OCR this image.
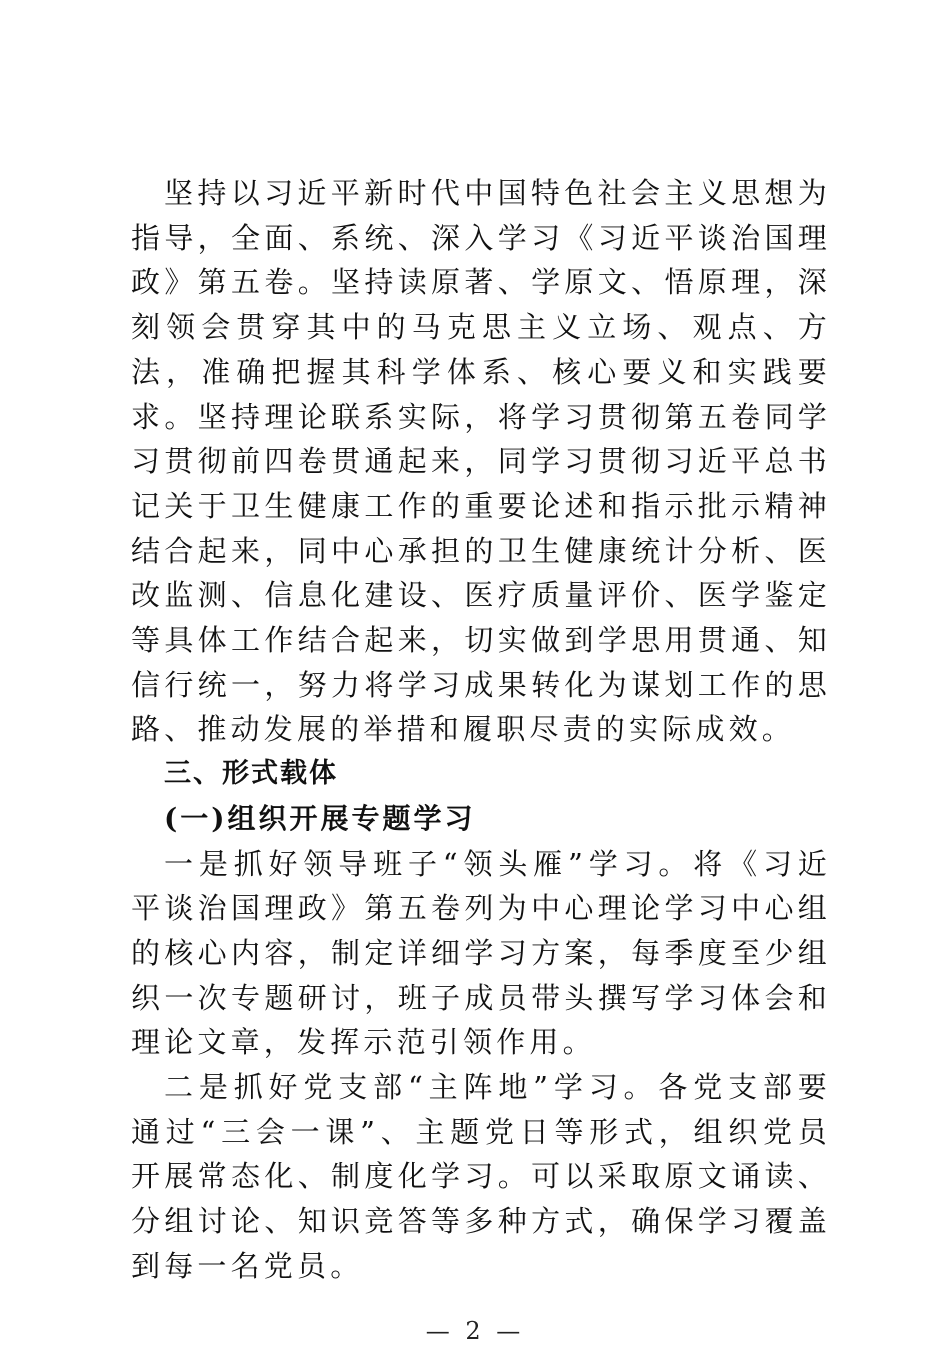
坚持以习近平新时代中国特色社会主义思想为指导，全面、系统、深入学习《习近平谈治国理政》第五卷。坚持读原著、学原文、悟原理，深刻领会贯穿其中的马克思主义立场、观点、方法，准确把握其科学体系、核心要义和实践要求。坚持理论联系实际，将学习贯彻第五卷同学习贯彻前四卷贯通起来，同学习贯彻习近平总书记关于卫生健康工作的重要论述和指示批示精神结合起来，同中心承担的卫生健康统计分析、医改监测、信息化建设、医疗质量评价、医学鉴定等具体工作结合起来，切实做到学思用贯通、知信行统一，努力将学习成果转化为谋划工作的思路、推动发展的举措和履职尽责的实际成效。

三、形式载体
(一)组织开展专题学习

一是抓好领导班子“领头雁”学习。将《习近平谈治国理政》第五卷列为中心理论学习中心组的核心内容，制定详细学习方案，每季度至少组织一次专题研讨，班子成员带头撰写学习体会和理论文章，发挥示范引领作用。

二是抓好党支部“主阵地”学习。各党支部要通过“三会一课”、主题党日等形式，组织党员开展常态化、制度化学习。可以采取原文诵读、分组讨论、知识竞答等多种方式，确保学习覆盖到每一名党员。

— 2 —
